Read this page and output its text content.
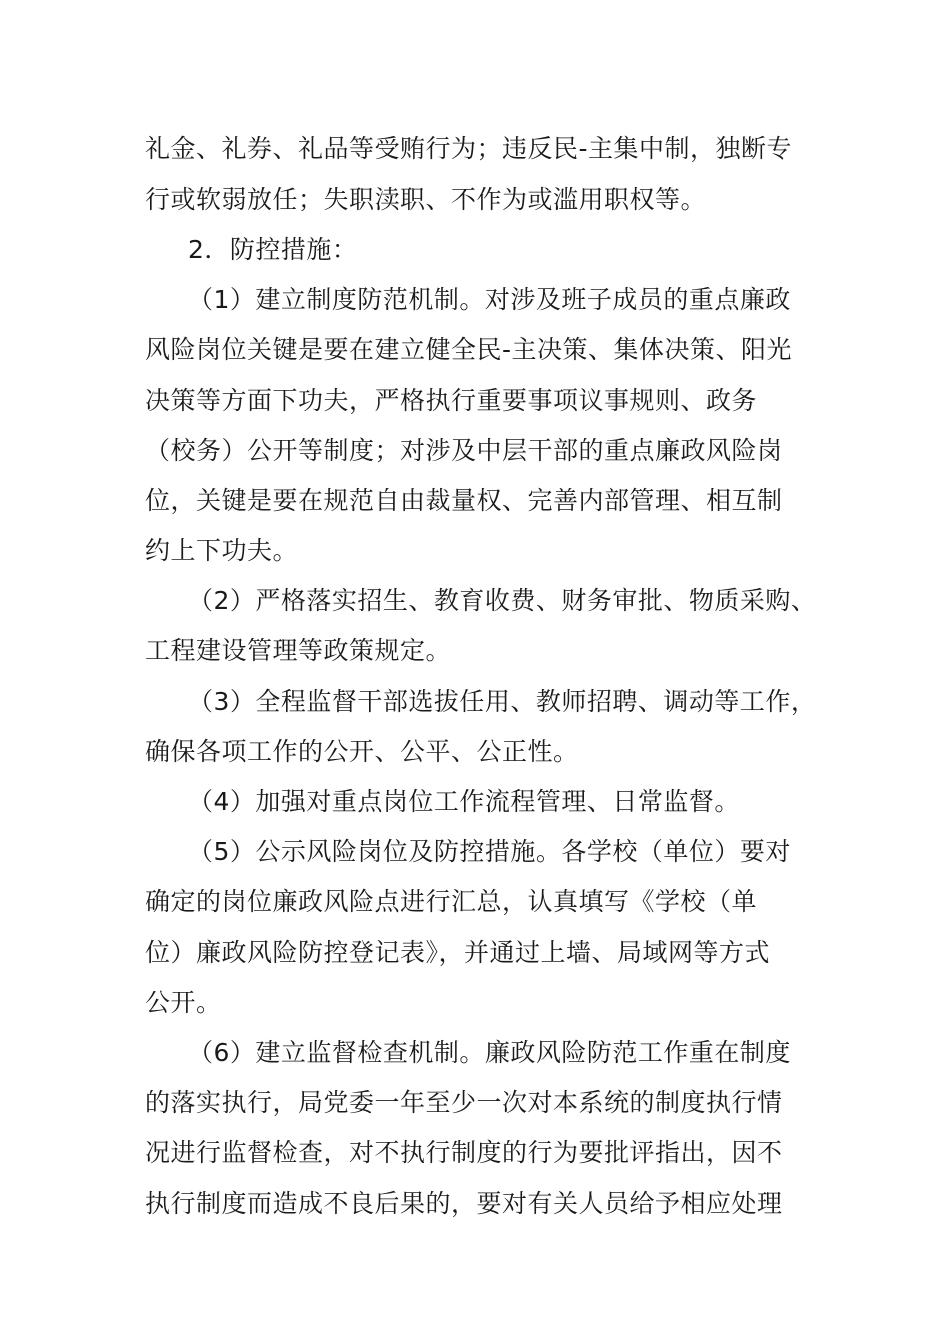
礼金、礼券、礼品等受贿行为；违反民-主集中制，独断专
行或软弱放任；失职渎职、不作为或滥用职权等。
2．防控措施：
（1）建立制度防范机制。对涉及班子成员的重点廉政
风险岗位关键是要在建立健全民-主决策、集体决策、阳光
决策等方面下功夫，严格执行重要事项议事规则、政务
（校务）公开等制度；对涉及中层干部的重点廉政风险岗
位，关键是要在规范自由裁量权、完善内部管理、相互制
约上下功夫。
（2）严格落实招生、教育收费、财务审批、物质采购、
工程建设管理等政策规定。
（3）全程监督干部选拔任用、教师招聘、调动等工作，
确保各项工作的公开、公平、公正性。
（4）加强对重点岗位工作流程管理、日常监督。
（5）公示风险岗位及防控措施。各学校（单位）要对
确定的岗位廉政风险点进行汇总，认真填写《学校（单
位）廉政风险防控登记表》，并通过上墙、局域网等方式
公开。
（6）建立监督检查机制。廉政风险防范工作重在制度
的落实执行，局党委一年至少一次对本系统的制度执行情
况进行监督检查，对不执行制度的行为要批评指出，因不
执行制度而造成不良后果的，要对有关人员给予相应处理
